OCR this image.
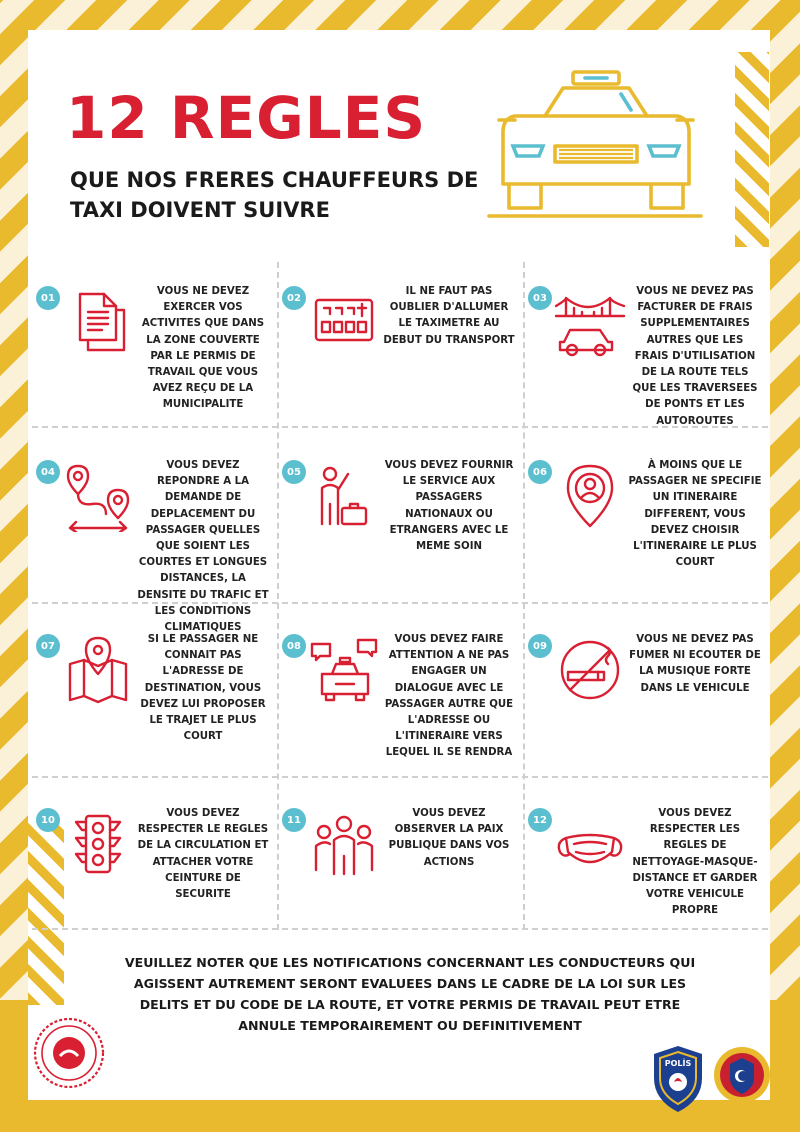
12 REGLES
QUE NOS FRERES CHAUFFEURS DE TAXI DOIVENT SUIVRE
01
VOUS NE DEVEZ EXERCER VOS ACTIVITES QUE DANS LA ZONE COUVERTE PAR LE PERMIS DE TRAVAIL QUE VOUS AVEZ REÇU DE LA MUNICIPALITE
02
IL NE FAUT PAS OUBLIER D'ALLUMER LE TAXIMETRE AU DEBUT DU TRANSPORT
03
VOUS NE DEVEZ PAS FACTURER DE FRAIS SUPPLEMENTAIRES AUTRES QUE LES FRAIS D'UTILISATION DE LA ROUTE TELS QUE LES TRAVERSEES DE PONTS ET LES AUTOROUTES
04
VOUS DEVEZ REPONDRE A LA DEMANDE DE DEPLACEMENT DU PASSAGER QUELLES QUE SOIENT LES COURTES ET LONGUES DISTANCES, LA DENSITE DU TRAFIC ET LES CONDITIONS CLIMATIQUES
05
VOUS DEVEZ FOURNIR LE SERVICE AUX PASSAGERS NATIONAUX OU ETRANGERS AVEC LE MEME SOIN
06
À MOINS QUE LE PASSAGER NE SPECIFIE UN ITINERAIRE DIFFERENT, VOUS DEVEZ CHOISIR L'ITINERAIRE LE PLUS COURT
07
SI LE PASSAGER NE CONNAIT PAS L'ADRESSE DE DESTINATION, VOUS DEVEZ LUI PROPOSER LE TRAJET LE PLUS COURT
08
VOUS DEVEZ FAIRE ATTENTION A NE PAS ENGAGER UN DIALOGUE AVEC LE PASSAGER AUTRE QUE L'ADRESSE OU L'ITINERAIRE VERS LEQUEL IL SE RENDRA
09
VOUS NE DEVEZ PAS FUMER NI ECOUTER DE LA MUSIQUE FORTE DANS LE VEHICULE
10
VOUS DEVEZ RESPECTER LE REGLES DE LA CIRCULATION ET ATTACHER VOTRE CEINTURE DE SECURITE
11
VOUS DEVEZ OBSERVER LA PAIX PUBLIQUE DANS VOS ACTIONS
12
VOUS DEVEZ RESPECTER LES REGLES DE NETTOYAGE-MASQUE-DISTANCE ET GARDER VOTRE VEHICULE PROPRE
VEUILLEZ NOTER QUE LES NOTIFICATIONS CONCERNANT LES CONDUCTEURS QUI AGISSENT AUTREMENT SERONT EVALUEES DANS LE CADRE DE LA LOI SUR LES DELITS ET DU CODE DE LA ROUTE, ET VOTRE PERMIS DE TRAVAIL PEUT ETRE ANNULE TEMPORAIREMENT OU DEFINITIVEMENT
POLİS
